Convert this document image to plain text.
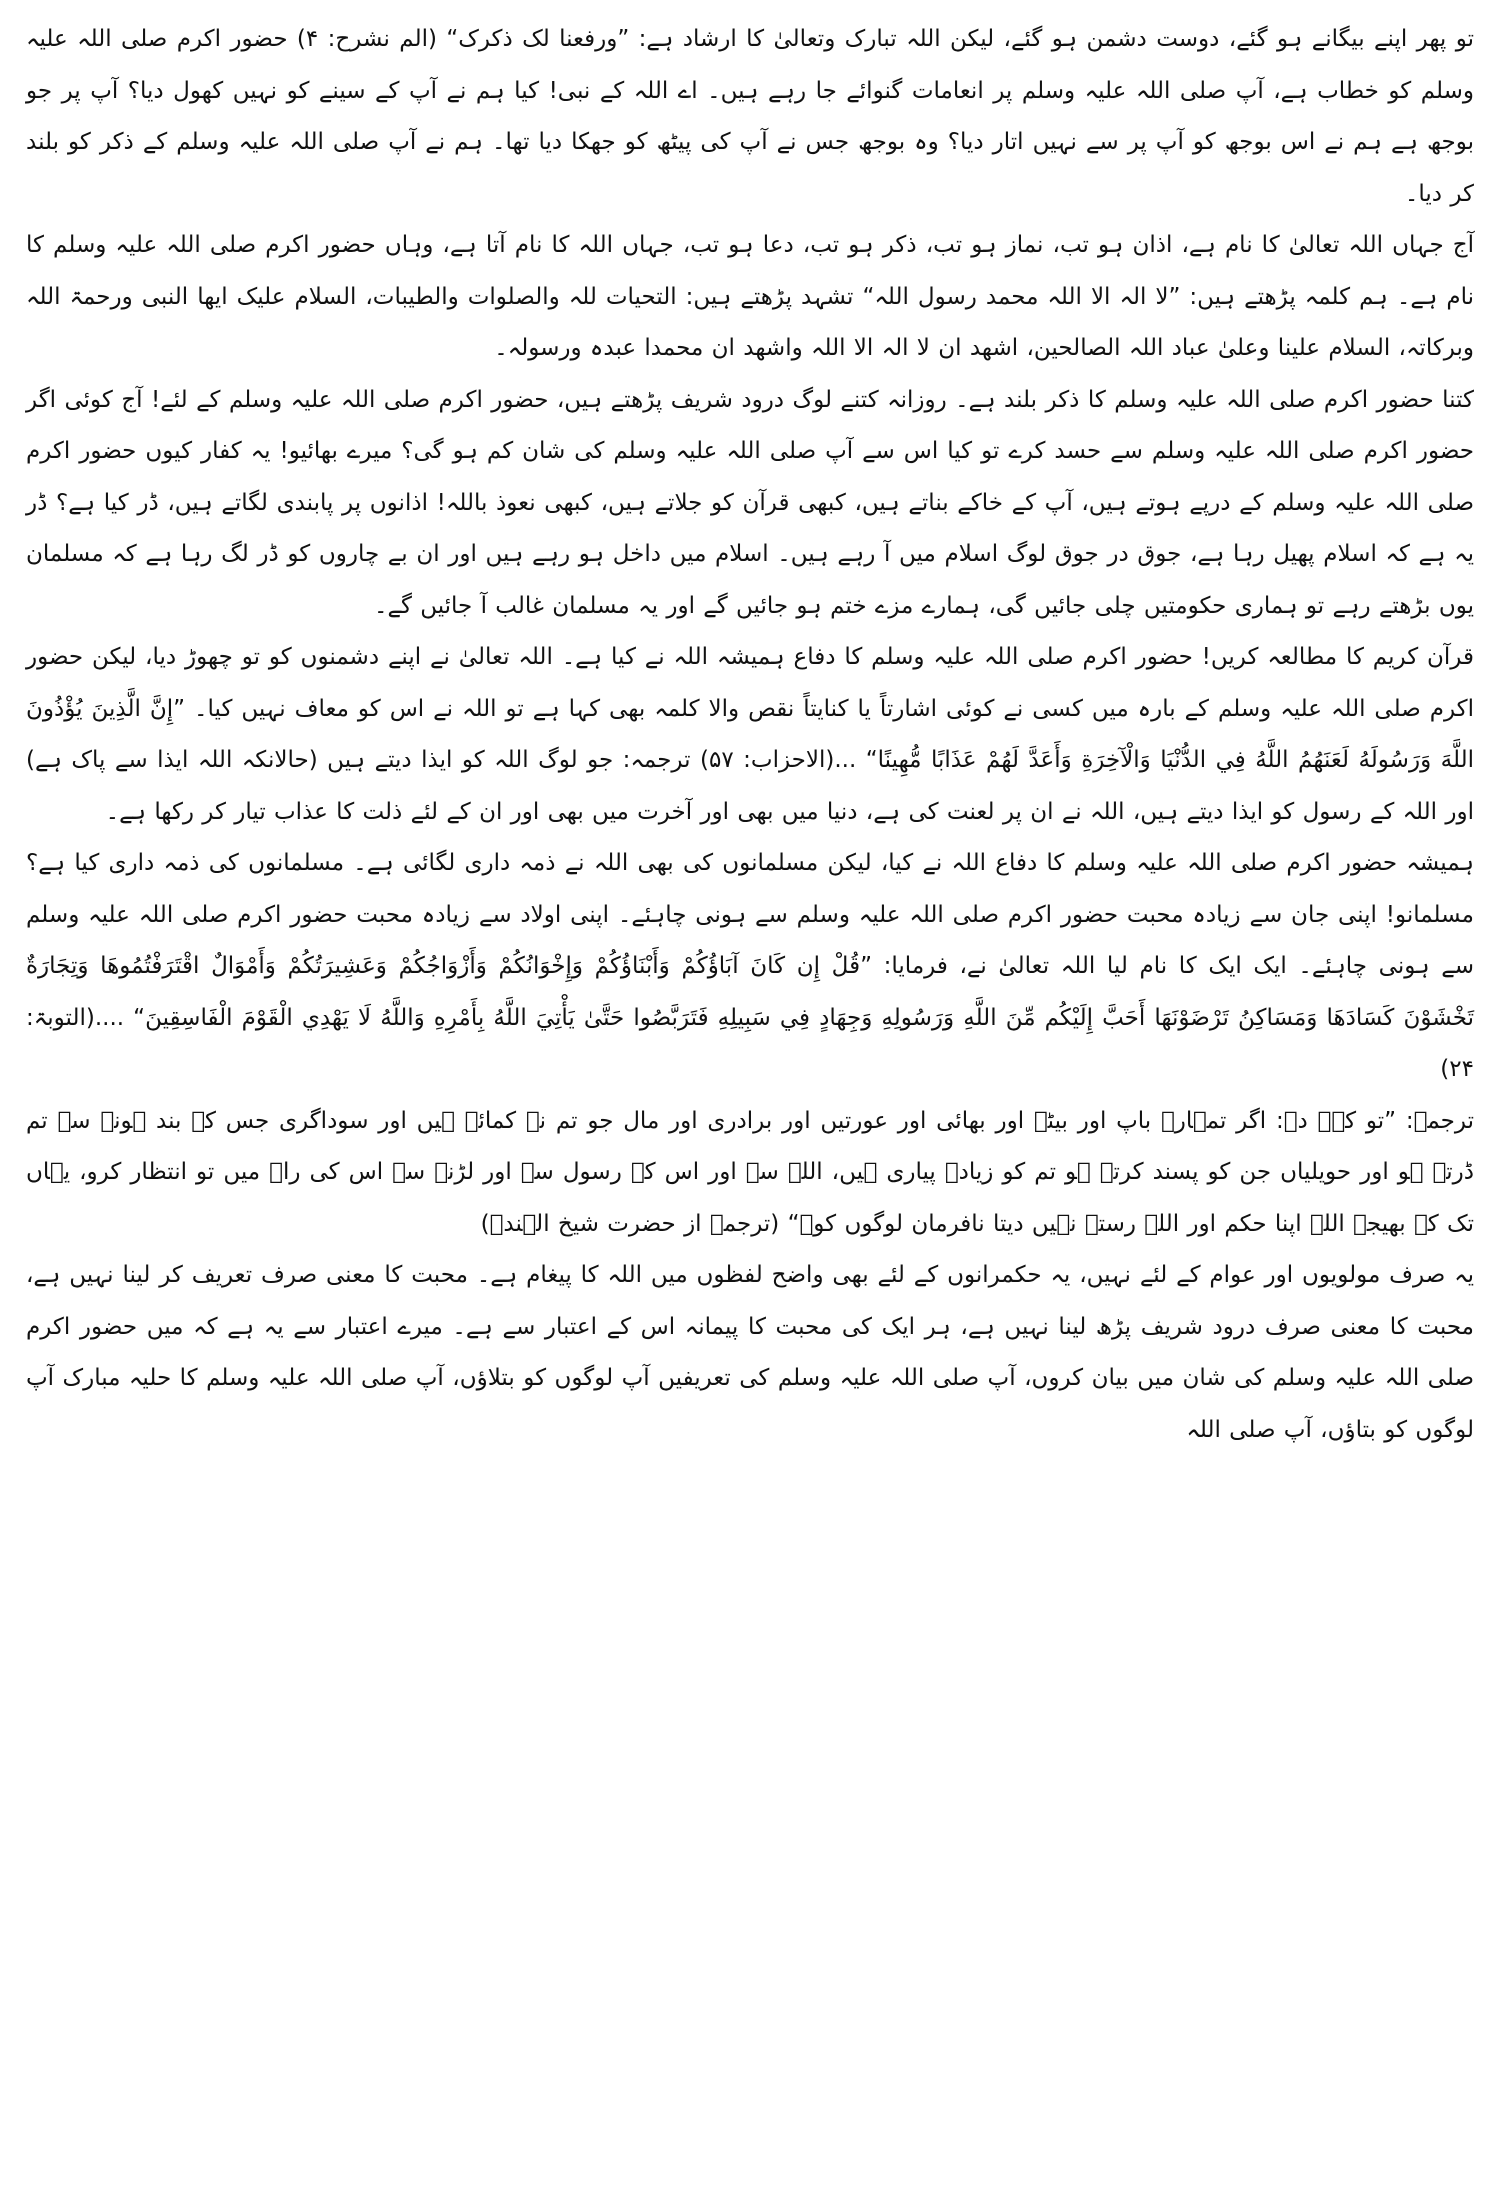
تو پھر اپنے بیگانے ہو گئے، دوست دشمن ہو گئے، لیکن اللہ تبارک وتعالیٰ کا ارشاد ہے: ”ورفعنا لک ذکرک“ (الم نشرح: ۴) حضور اکرم صلی اللہ علیہ وسلم کو خطاب ہے، آپ صلی اللہ علیہ وسلم پر انعامات گنوائے جا رہے ہیں۔ اے اللہ کے نبی! کیا ہم نے آپ کے سینے کو نہیں کھول دیا؟ آپ پر جو بوجھ ہے ہم نے اس بوجھ کو آپ پر سے نہیں اتار دیا؟ وہ بوجھ جس نے آپ کی پیٹھ کو جھکا دیا تھا۔ ہم نے آپ صلی اللہ علیہ وسلم کے ذکر کو بلند کر دیا۔

آج جہاں اللہ تعالیٰ کا نام ہے، اذان ہو تب، نماز ہو تب، ذکر ہو تب، دعا ہو تب، جہاں اللہ کا نام آتا ہے، وہاں حضور اکرم صلی اللہ علیہ وسلم کا نام ہے۔ ہم کلمہ پڑھتے ہیں: ”لا الہ الا اللہ محمد رسول اللہ“ تشہد پڑھتے ہیں: التحیات للہ والصلوات والطیبات، السلام علیک ایھا النبی ورحمۃ اللہ وبرکاتہ، السلام علینا وعلیٰ عباد اللہ الصالحین، اشھد ان لا الہ الا اللہ واشھد ان محمدا عبدہ ورسولہ۔

کتنا حضور اکرم صلی اللہ علیہ وسلم کا ذکر بلند ہے۔ روزانہ کتنے لوگ درود شریف پڑھتے ہیں، حضور اکرم صلی اللہ علیہ وسلم کے لئے! آج کوئی اگر حضور اکرم صلی اللہ علیہ وسلم سے حسد کرے تو کیا اس سے آپ صلی اللہ علیہ وسلم کی شان کم ہو گی؟ میرے بھائیو! یہ کفار کیوں حضور اکرم صلی اللہ علیہ وسلم کے درپے ہوتے ہیں، آپ کے خاکے بناتے ہیں، کبھی قرآن کو جلاتے ہیں، کبھی نعوذ باللہ! اذانوں پر پابندی لگاتے ہیں، ڈر کیا ہے؟ ڈر یہ ہے کہ اسلام پھیل رہا ہے، جوق در جوق لوگ اسلام میں آ رہے ہیں۔ اسلام میں داخل ہو رہے ہیں اور ان بے چاروں کو ڈر لگ رہا ہے کہ مسلمان یوں بڑھتے رہے تو ہماری حکومتیں چلی جائیں گی، ہمارے مزے ختم ہو جائیں گے اور یہ مسلمان غالب آ جائیں گے۔

قرآن کریم کا مطالعہ کریں! حضور اکرم صلی اللہ علیہ وسلم کا دفاع ہمیشہ اللہ نے کیا ہے۔ اللہ تعالیٰ نے اپنے دشمنوں کو تو چھوڑ دیا، لیکن حضور اکرم صلی اللہ علیہ وسلم کے بارہ میں کسی نے کوئی اشارتاً یا کنایتاً نقص والا کلمہ بھی کہا ہے تو اللہ نے اس کو معاف نہیں کیا۔ ”إِنَّ الَّذِينَ يُؤْذُونَ اللَّهَ وَرَسُولَهُ لَعَنَهُمُ اللَّهُ فِي الدُّنْيَا وَالْآخِرَةِ وَأَعَدَّ لَهُمْ عَذَابًا مُّهِينًا“ ...(الاحزاب: ۵۷) ترجمہ: جو لوگ اللہ کو ایذا دیتے ہیں (حالانکہ اللہ ایذا سے پاک ہے) اور اللہ کے رسول کو ایذا دیتے ہیں، اللہ نے ان پر لعنت کی ہے، دنیا میں بھی اور آخرت میں بھی اور ان کے لئے ذلت کا عذاب تیار کر رکھا ہے۔

ہمیشہ حضور اکرم صلی اللہ علیہ وسلم کا دفاع اللہ نے کیا، لیکن مسلمانوں کی بھی اللہ نے ذمہ داری لگائی ہے۔ مسلمانوں کی ذمہ داری کیا ہے؟ مسلمانو! اپنی جان سے زیادہ محبت حضور اکرم صلی اللہ علیہ وسلم سے ہونی چاہئے۔ اپنی اولاد سے زیادہ محبت حضور اکرم صلی اللہ علیہ وسلم سے ہونی چاہئے۔ ایک ایک کا نام لیا اللہ تعالیٰ نے، فرمایا: ”قُلْ إِن كَانَ آبَاؤُكُمْ وَأَبْنَاؤُكُمْ وَإِخْوَانُكُمْ وَأَزْوَاجُكُمْ وَعَشِيرَتُكُمْ وَأَمْوَالٌ اقْتَرَفْتُمُوهَا وَتِجَارَةٌ تَخْشَوْنَ كَسَادَهَا وَمَسَاكِنُ تَرْضَوْنَهَا أَحَبَّ إِلَيْكُم مِّنَ اللَّهِ وَرَسُولِهِ وَجِهَادٍ فِي سَبِيلِهِ فَتَرَبَّصُوا حَتَّىٰ يَأْتِيَ اللَّهُ بِأَمْرِهِ وَاللَّهُ لَا يَهْدِي الْقَوْمَ الْفَاسِقِينَ“ ....(التوبۃ: ۲۴)

ترجمہ: ”تو کہہ دے: اگر تمہارے باپ اور بیٹے اور بھائی اور عورتیں اور برادری اور مال جو تم نے کمائے ہیں اور سوداگری جس کے بند ہونے سے تم ڈرتے ہو اور حویلیاں جن کو پسند کرتے ہو تم کو زیادہ پیاری ہیں، اللہ سے اور اس کے رسول سے اور لڑنے سے اس کی راہ میں تو انتظار کرو، یہاں تک کہ بھیجے اللہ اپنا حکم اور اللہ رستہ نہیں دیتا نافرمان لوگوں کو۔“ (ترجمہ از حضرت شیخ الہندؒ)

یہ صرف مولویوں اور عوام کے لئے نہیں، یہ حکمرانوں کے لئے بھی واضح لفظوں میں اللہ کا پیغام ہے۔ محبت کا معنی صرف تعریف کر لینا نہیں ہے، محبت کا معنی صرف درود شریف پڑھ لینا نہیں ہے، ہر ایک کی محبت کا پیمانہ اس کے اعتبار سے ہے۔ میرے اعتبار سے یہ ہے کہ میں حضور اکرم صلی اللہ علیہ وسلم کی شان میں بیان کروں، آپ صلی اللہ علیہ وسلم کی تعریفیں آپ لوگوں کو بتلاؤں، آپ صلی اللہ علیہ وسلم کا حلیہ مبارک آپ لوگوں کو بتاؤں، آپ صلی اللہ
